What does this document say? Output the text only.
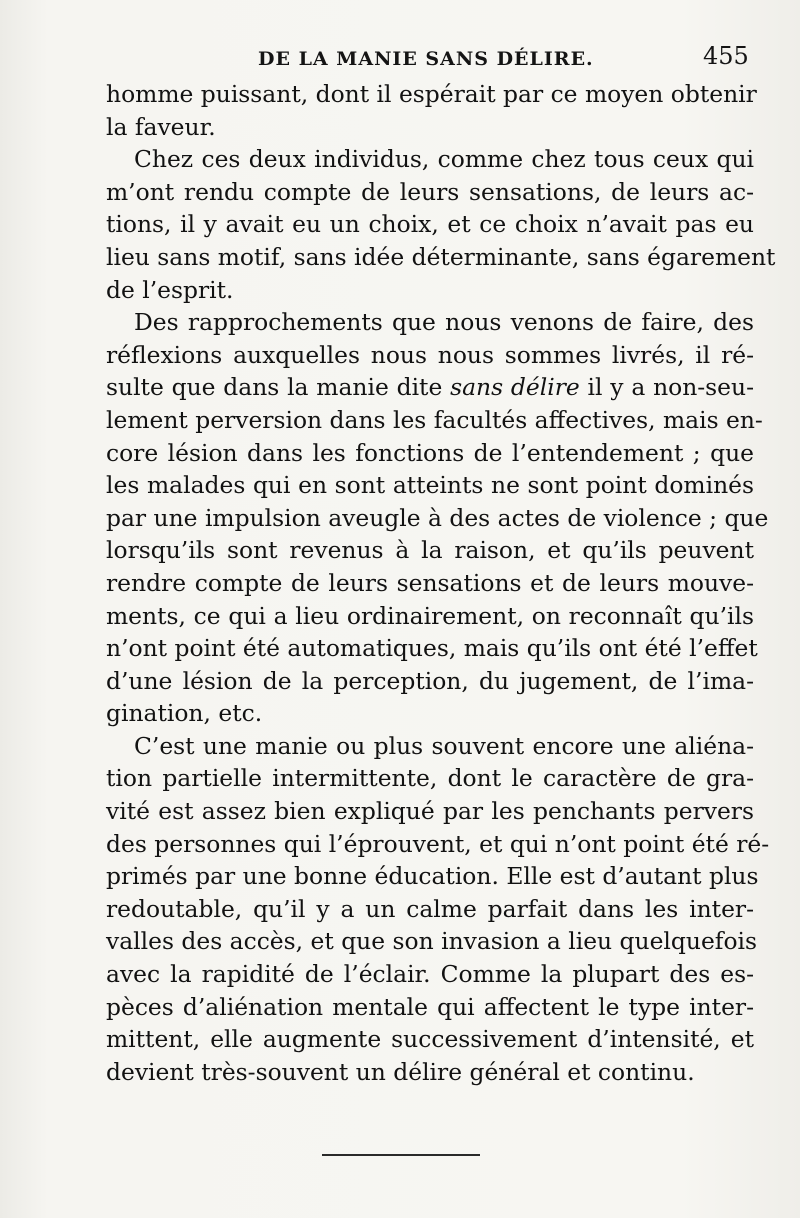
DE LA MANIE SANS DÉLIRE.	455
homme puissant, dont il espérait par ce moyen obtenir
la faveur.
Chez ces deux individus, comme chez tous ceux qui
m’ont rendu compte de leurs sensations, de leurs ac-
tions, il y avait eu un choix, et ce choix n’avait pas eu
lieu sans motif, sans idée déterminante, sans égarement
de l’esprit.
Des rapprochements que nous venons de faire, des
réflexions auxquelles nous nous sommes livrés, il ré-
sulte que dans la manie dite sans délire il y a non-seu-
lement perversion dans les facultés affectives, mais en-
core lésion dans les fonctions de l’entendement ; que
les malades qui en sont atteints ne sont point dominés
par une impulsion aveugle à des actes de violence ; que
lorsqu’ils sont revenus à la raison, et qu’ils peuvent
rendre compte de leurs sensations et de leurs mouve-
ments, ce qui a lieu ordinairement, on reconnaît qu’ils
n’ont point été automatiques, mais qu’ils ont été l’effet
d’une lésion de la perception, du jugement, de l’ima-
gination, etc.
C’est une manie ou plus souvent encore une aliéna-
tion partielle intermittente, dont le caractère de gra-
vité est assez bien expliqué par les penchants pervers
des personnes qui l’éprouvent, et qui n’ont point été ré-
primés par une bonne éducation. Elle est d’autant plus
redoutable, qu’il y a un calme parfait dans les inter-
valles des accès, et que son invasion a lieu quelquefois
avec la rapidité de l’éclair. Comme la plupart des es-
pèces d’aliénation mentale qui affectent le type inter-
mittent, elle augmente successivement d’intensité, et
devient très-souvent un délire général et continu.
